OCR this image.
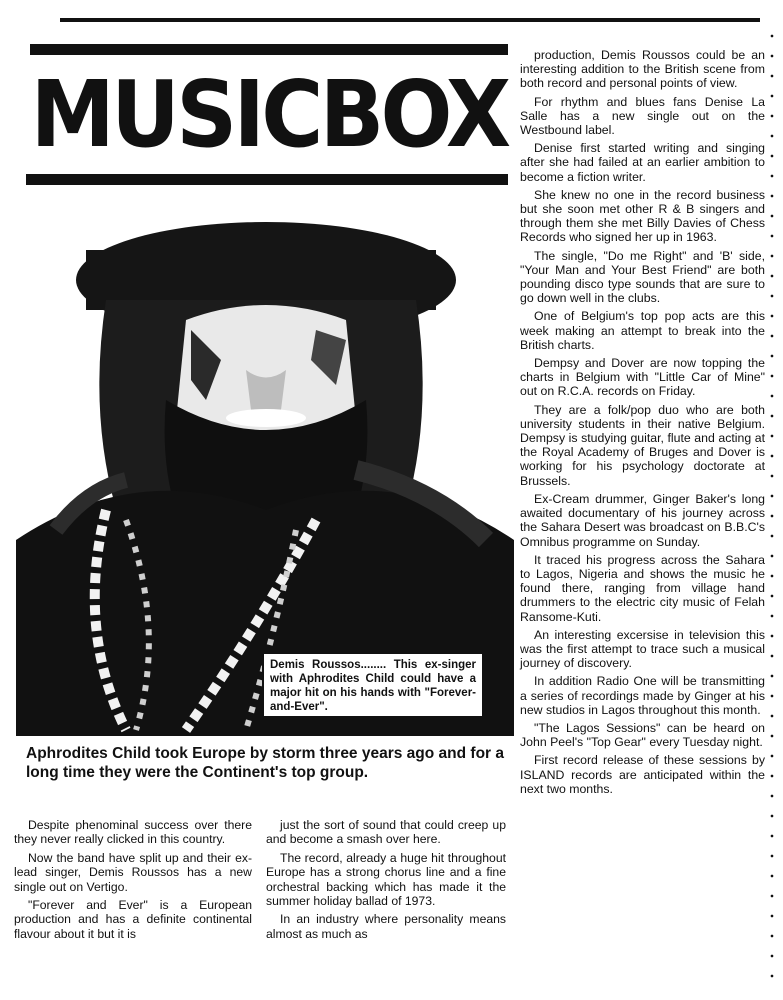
MUSICBOX
Demis Roussos........ This ex-singer with Aphrodites Child could have a major hit on his hands with "Forever-and-Ever".
Aphrodites Child took Europe by storm three years ago and for a long time they were the Continent's top group.

Despite phenominal success over there they never really clicked in this country.

Now the band have split up and their ex-lead singer, Demis Roussos has a new single out on Vertigo.

"Forever and Ever" is a European production and has a definite continental flavour about it but it is

just the sort of sound that could creep up and become a smash over here.

The record, already a huge hit throughout Europe has a strong chorus line and a fine orchestral backing which has made it the summer holiday ballad of 1973.

In an industry where personality means almost as much as

production, Demis Roussos could be an interesting addition to the British scene from both record and personal points of view.

For rhythm and blues fans Denise La Salle has a new single out on the Westbound label.

Denise first started writing and singing after she had failed at an earlier ambition to become a fiction writer.

She knew no one in the record business but she soon met other R & B singers and through them she met Billy Davies of Chess Records who signed her up in 1963.

The single, "Do me Right" and 'B' side, "Your Man and Your Best Friend" are both pounding disco type sounds that are sure to go down well in the clubs.

One of Belgium's top pop acts are this week making an attempt to break into the British charts.

Dempsy and Dover are now topping the charts in Belgium with "Little Car of Mine" out on R.C.A. records on Friday.

They are a folk/pop duo who are both university students in their native Belgium. Dempsy is studying guitar, flute and acting at the Royal Academy of Bruges and Dover is working for his psychology doctorate at Brussels.

Ex-Cream drummer, Ginger Baker's long awaited documentary of his journey across the Sahara Desert was broadcast on B.B.C's Omnibus programme on Sunday.

It traced his progress across the Sahara to Lagos, Nigeria and shows the music he found there, ranging from village hand drummers to the electric city music of Felah Ransome-Kuti.

An interesting excersise in television this was the first attempt to trace such a musical journey of discovery.

In addition Radio One will be transmitting a series of recordings made by Ginger at his new studios in Lagos throughout this month.

"The Lagos Sessions" can be heard on John Peel's "Top Gear" every Tuesday night.

First record release of these sessions by ISLAND records are anticipated within the next two months.
